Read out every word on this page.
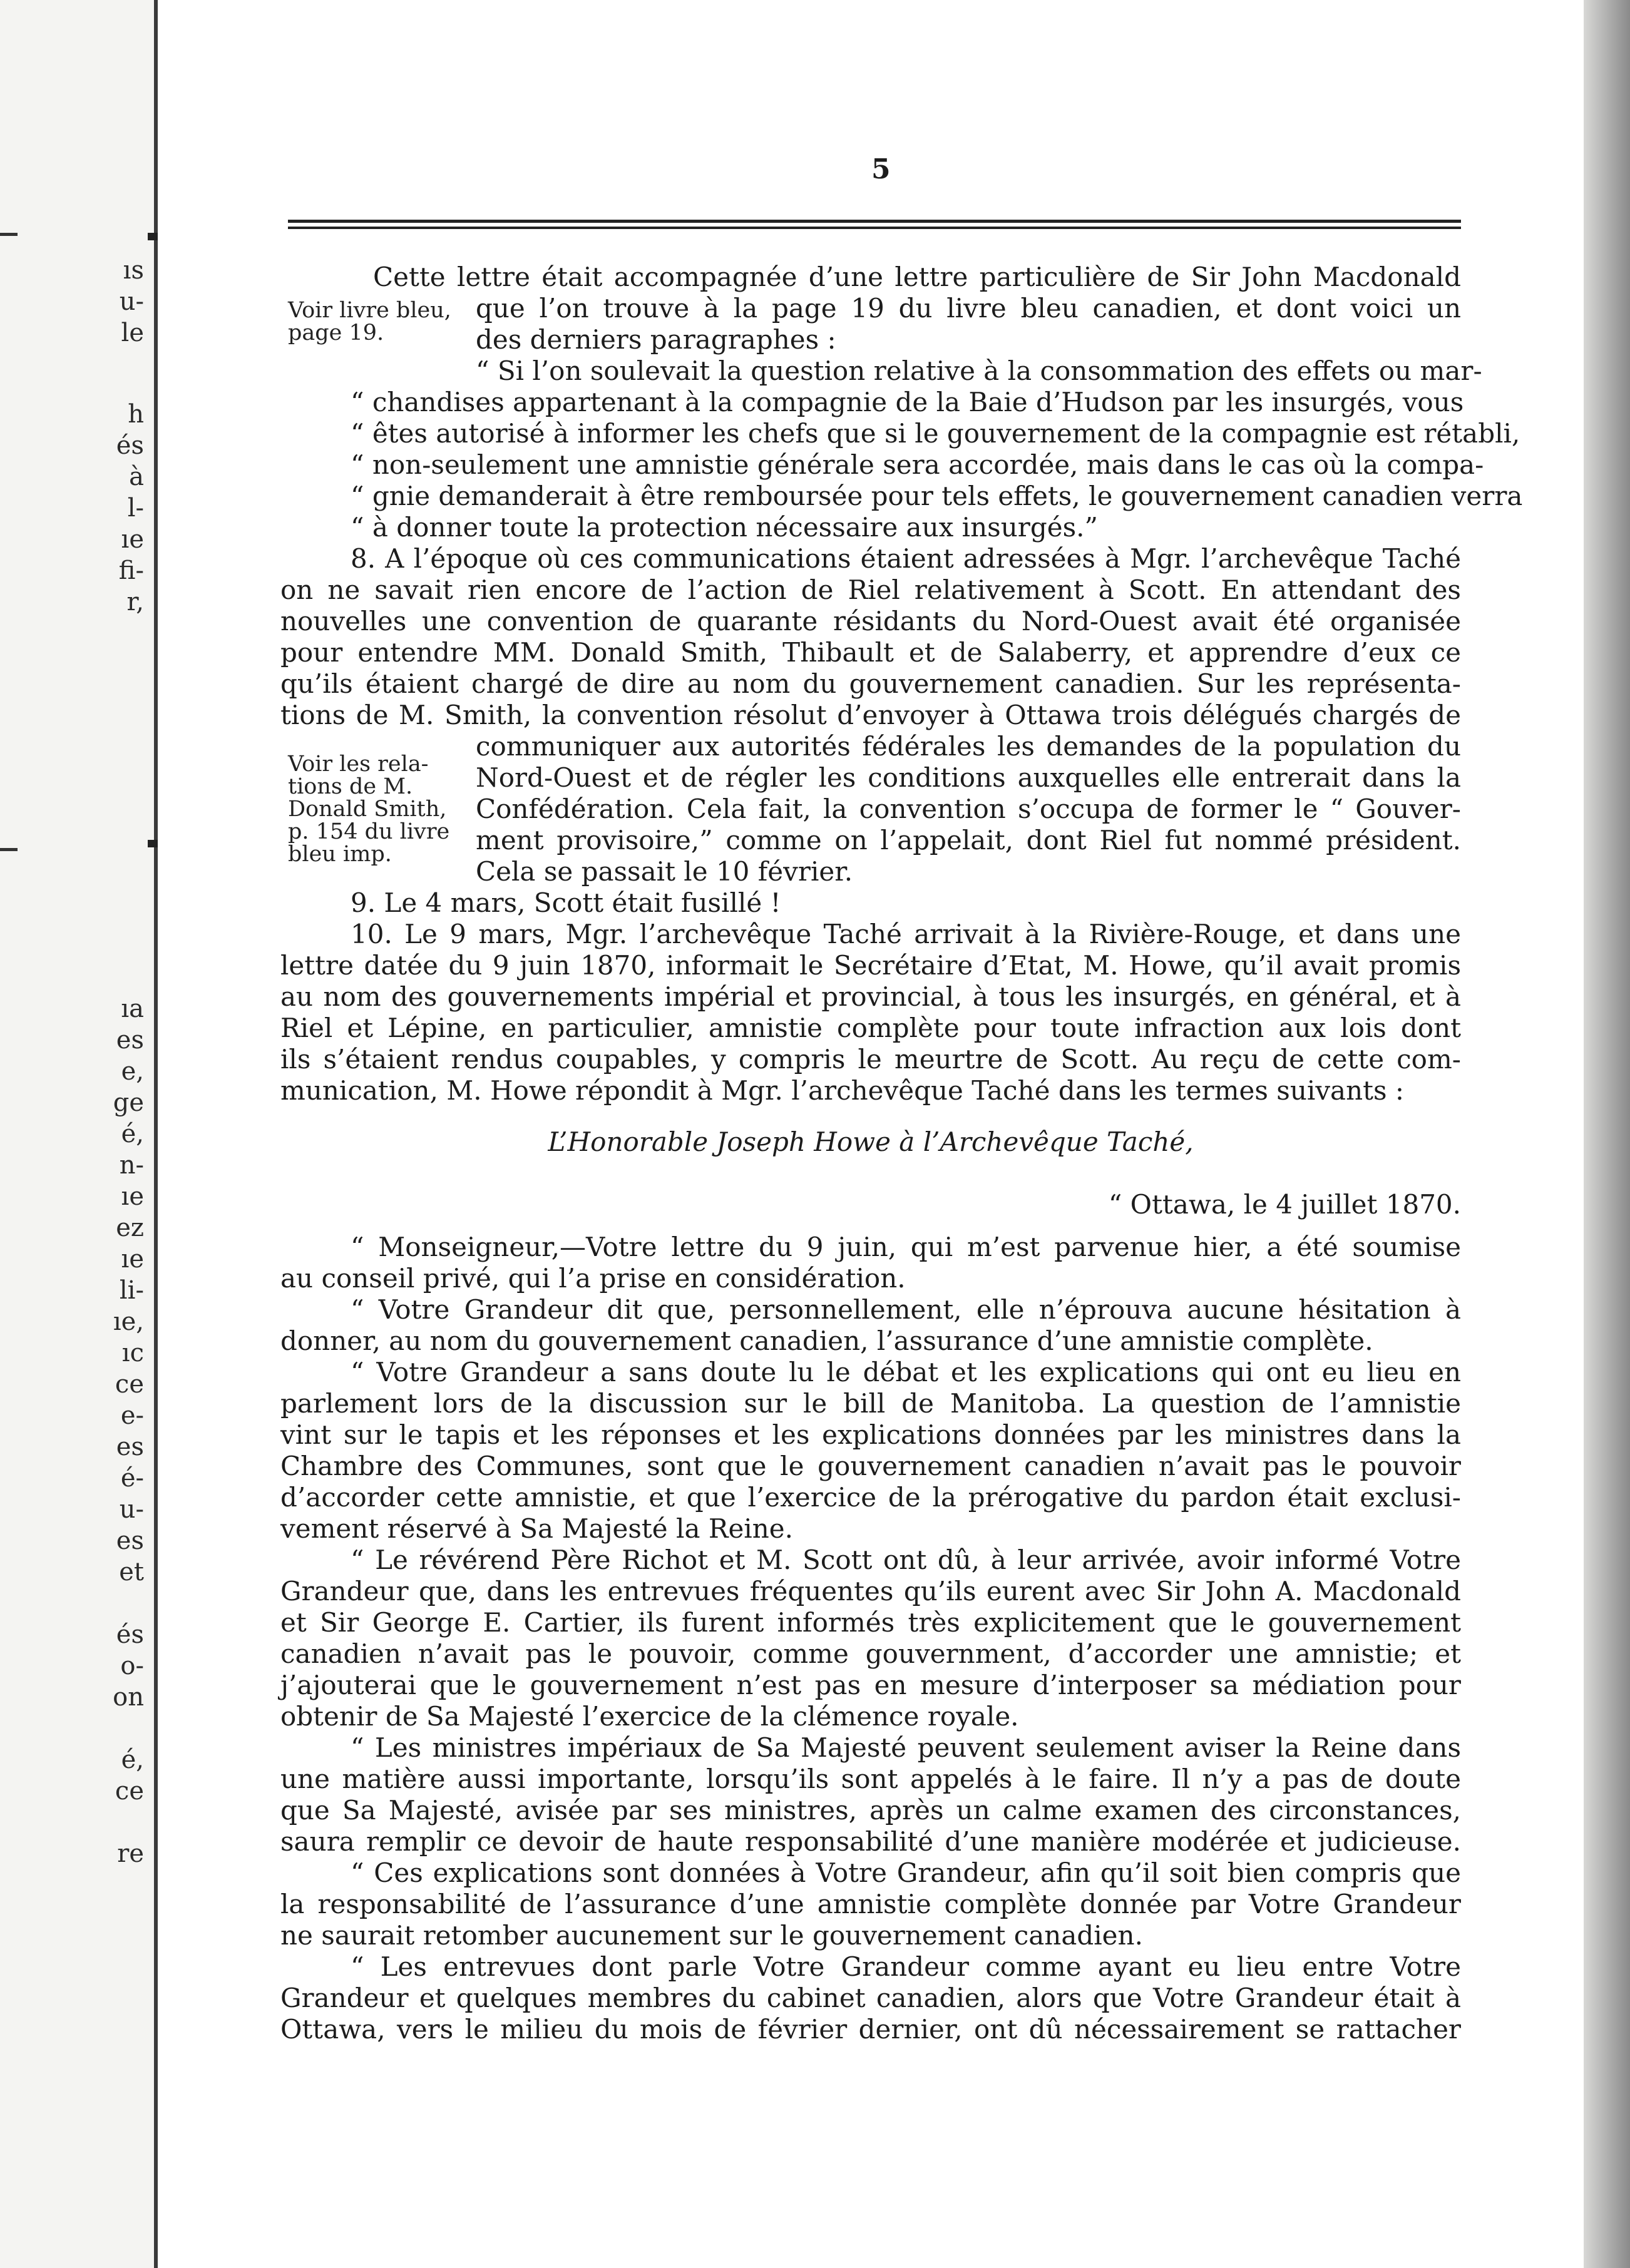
ıs
u-
le
h
és
à
l-
ıe
fi-
r,
ıa
es
e,
ge
é,
n-
ıe
ez
ıe
li-
ıe,
ıc
ce
e-
es
é-
u-
es
et
és
o-
on
é,
ce
re
5
Voir livre bleu,
page 19.
Voir les rela-
tions de M.
Donald Smith,
p. 154 du livre
bleu imp.
Cette lettre était accompagnée d’une lettre particulière de Sir John Macdonald
que l’on trouve à la page 19 du livre bleu canadien, et dont voici un
des derniers paragraphes :
“ Si l’on soulevait la question relative à la consommation des effets ou mar-
“ chandises appartenant à la compagnie de la Baie d’Hudson par les insurgés, vous
“ êtes autorisé à informer les chefs que si le gouvernement de la compagnie est rétabli,
“ non-seulement une amnistie générale sera accordée, mais dans le cas où la compa-
“ gnie demanderait à être remboursée pour tels effets, le gouvernement canadien verra
“ à donner toute la protection nécessaire aux insurgés.”
8. A l’époque où ces communications étaient adressées à Mgr. l’archevêque Taché
on ne savait rien encore de l’action de Riel relativement à Scott. En attendant des
nouvelles une convention de quarante résidants du Nord-Ouest avait été organisée
pour entendre MM. Donald Smith, Thibault et de Salaberry, et apprendre d’eux ce
qu’ils étaient chargé de dire au nom du gouvernement canadien. Sur les représenta-
tions de M. Smith, la convention résolut d’envoyer à Ottawa trois délégués chargés de
communiquer aux autorités fédérales les demandes de la population du
Nord-Ouest et de régler les conditions auxquelles elle entrerait dans la
Confédération. Cela fait, la convention s’occupa de former le “ Gouver-
ment provisoire,” comme on l’appelait, dont Riel fut nommé président.
Cela se passait le 10 février.
9. Le 4 mars, Scott était fusillé !
10. Le 9 mars, Mgr. l’archevêque Taché arrivait à la Rivière-Rouge, et dans une
lettre datée du 9 juin 1870, informait le Secrétaire d’Etat, M. Howe, qu’il avait promis
au nom des gouvernements impérial et provincial, à tous les insurgés, en général, et à
Riel et Lépine, en particulier, amnistie complète pour toute infraction aux lois dont
ils s’étaient rendus coupables, y compris le meurtre de Scott. Au reçu de cette com-
munication, M. Howe répondit à Mgr. l’archevêque Taché dans les termes suivants :
L’Honorable Joseph Howe à l’Archevêque Taché,
“ Ottawa, le 4 juillet 1870.
“ Monseigneur,—Votre lettre du 9 juin, qui m’est parvenue hier, a été soumise
au conseil privé, qui l’a prise en considération.
“ Votre Grandeur dit que, personnellement, elle n’éprouva aucune hésitation à
donner, au nom du gouvernement canadien, l’assurance d’une amnistie complète.
“ Votre Grandeur a sans doute lu le débat et les explications qui ont eu lieu en
parlement lors de la discussion sur le bill de Manitoba. La question de l’amnistie
vint sur le tapis et les réponses et les explications données par les ministres dans la
Chambre des Communes, sont que le gouvernement canadien n’avait pas le pouvoir
d’accorder cette amnistie, et que l’exercice de la prérogative du pardon était exclusi-
vement réservé à Sa Majesté la Reine.
“ Le révérend Père Richot et M. Scott ont dû, à leur arrivée, avoir informé Votre
Grandeur que, dans les entrevues fréquentes qu’ils eurent avec Sir John A. Macdonald
et Sir George E. Cartier, ils furent informés très explicitement que le gouvernement
canadien n’avait pas le pouvoir, comme gouvernment, d’accorder une amnistie; et
j’ajouterai que le gouvernement n’est pas en mesure d’interposer sa médiation pour
obtenir de Sa Majesté l’exercice de la clémence royale.
“ Les ministres impériaux de Sa Majesté peuvent seulement aviser la Reine dans
une matière aussi importante, lorsqu’ils sont appelés à le faire. Il n’y a pas de doute
que Sa Majesté, avisée par ses ministres, après un calme examen des circonstances,
saura remplir ce devoir de haute responsabilité d’une manière modérée et judicieuse.
“ Ces explications sont données à Votre Grandeur, afin qu’il soit bien compris que
la responsabilité de l’assurance d’une amnistie complète donnée par Votre Grandeur
ne saurait retomber aucunement sur le gouvernement canadien.
“ Les entrevues dont parle Votre Grandeur comme ayant eu lieu entre Votre
Grandeur et quelques membres du cabinet canadien, alors que Votre Grandeur était à
Ottawa, vers le milieu du mois de février dernier, ont dû nécessairement se rattacher
